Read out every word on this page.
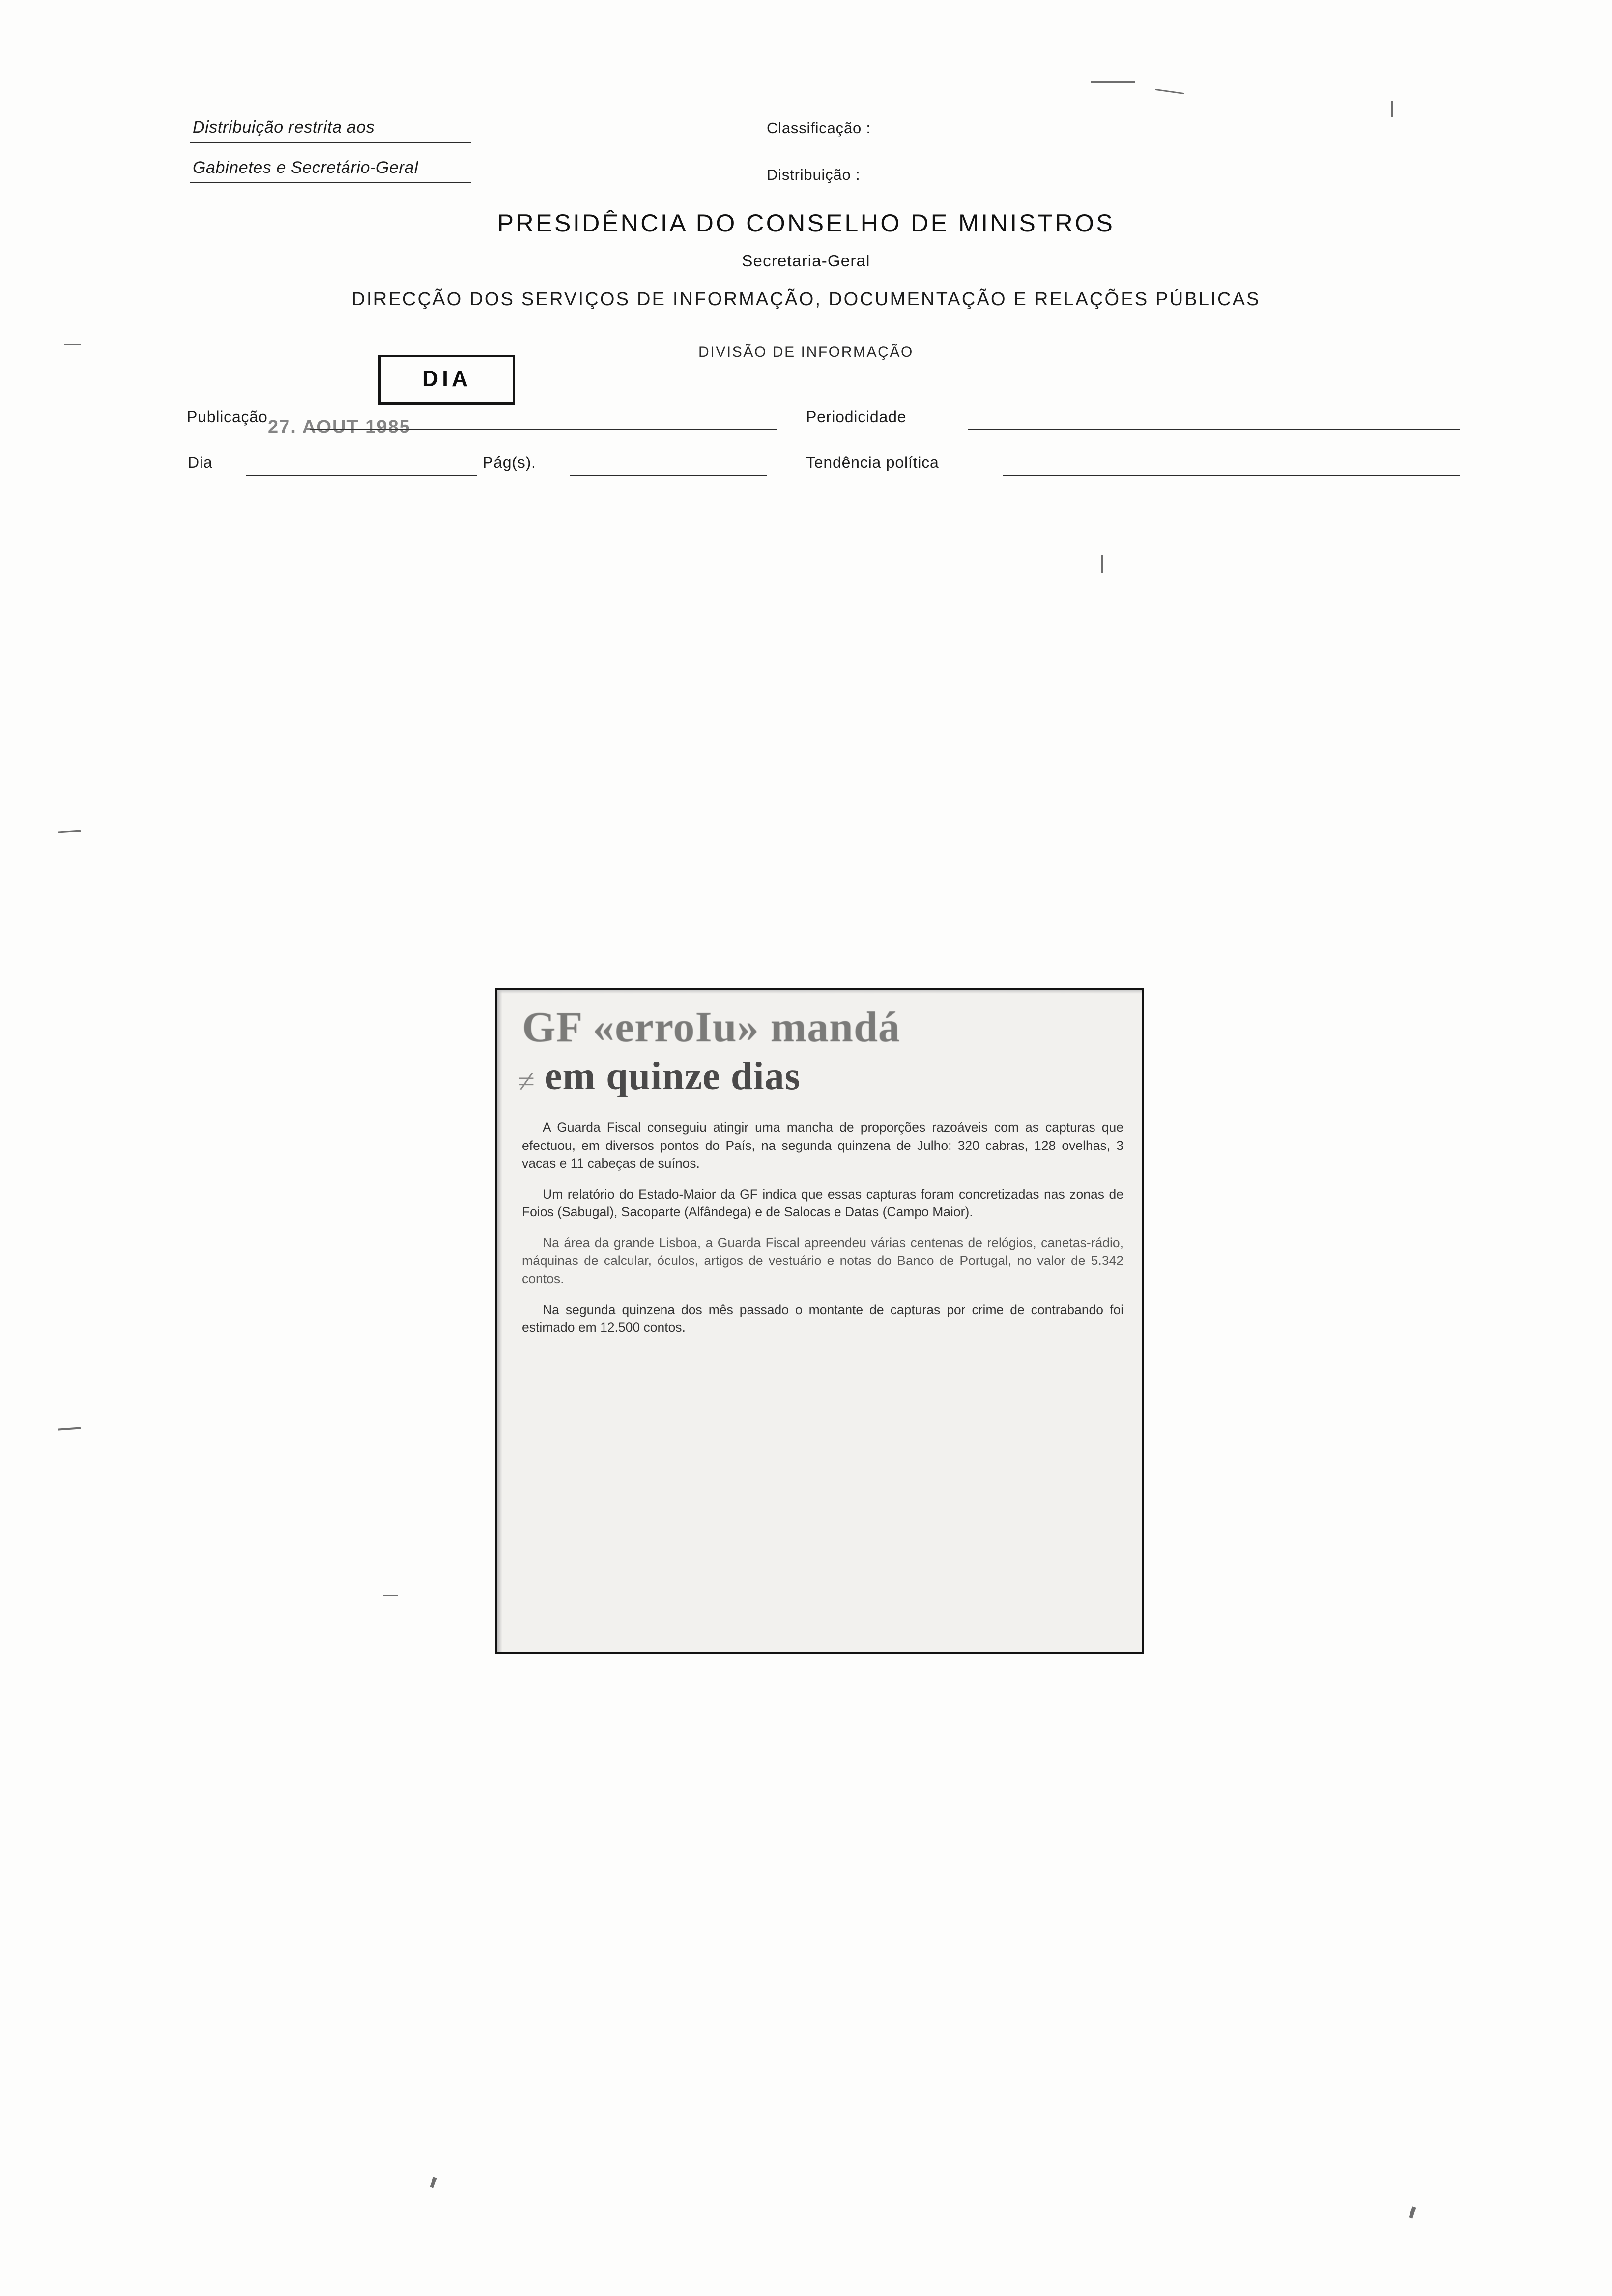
Distribuição restrita aos
Gabinetes e Secretário-Geral
Classificação :
Distribuição :
PRESIDÊNCIA DO CONSELHO DE MINISTROS
Secretaria-Geral
DIRECÇÃO DOS SERVIÇOS DE INFORMAÇÃO, DOCUMENTAÇÃO E RELAÇÕES PÚBLICAS
DIVISÃO DE INFORMAÇÃO
DIA
Publicação	Periodicidade
Dia	Pág(s).	Tendência política
27. AOUT 1985
GF «erroIu» mandá
≠ em quinze dias

A Guarda Fiscal conseguiu atingir uma mancha de proporções razoáveis com as capturas que efectuou, em diversos pontos do País, na segunda quinzena de Julho: 320 cabras, 128 ovelhas, 3 vacas e 11 cabeças de suínos.

Um relatório do Estado-Maior da GF indica que essas capturas foram concretizadas nas zonas de Foios (Sabugal), Sacoparte (Alfândega) e de Salocas e Datas (Campo Maior).

Na área da grande Lisboa, a Guarda Fiscal apreendeu várias centenas de relógios, canetas-rádio, máquinas de calcular, óculos, artigos de vestuário e notas do Banco de Portugal, no valor de 5.342 contos.

Na segunda quinzena dos mês passado o montante de capturas por crime de contrabando foi estimado em 12.500 contos.
